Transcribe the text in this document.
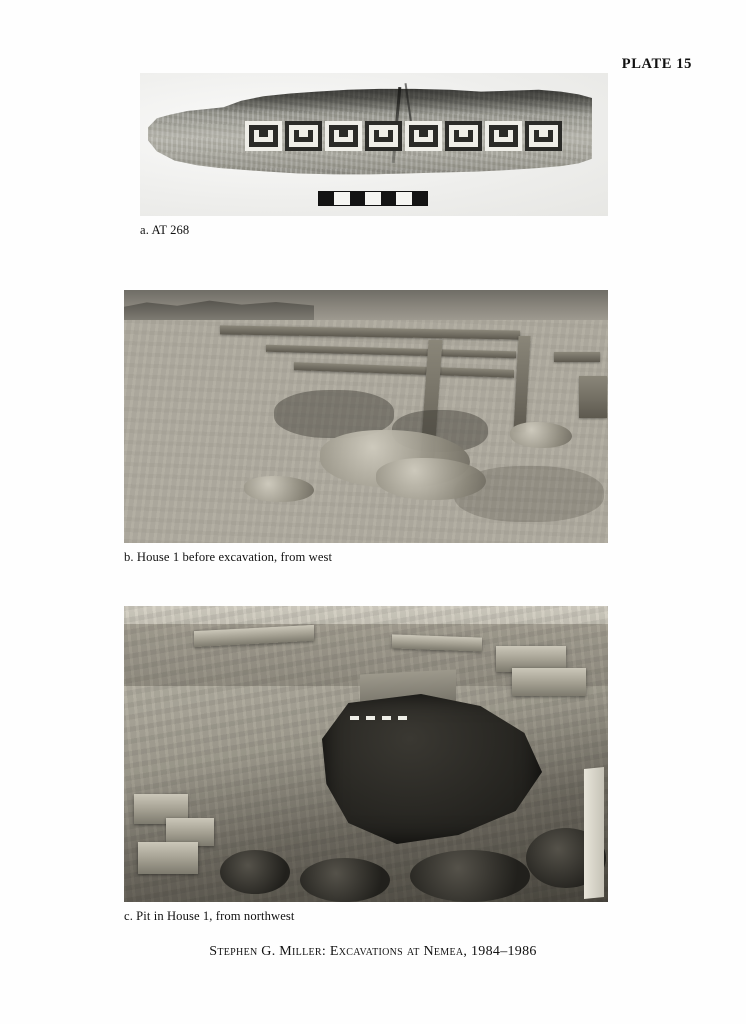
PLATE 15
a. AT 268
b. House 1 before excavation, from west
c. Pit in House 1, from northwest
Stephen G. Miller: Excavations at Nemea, 1984–1986
